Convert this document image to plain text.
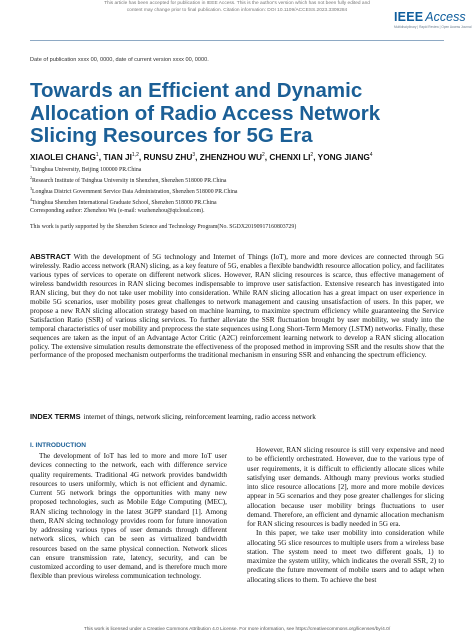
This article has been accepted for publication in IEEE Access. This is the author's version which has not been fully edited and
content may change prior to final publication. Citation information: DOI 10.1109/ACCESS.2023.3309284	IEEE Access
Multidisciplinary | Rapid Review | Open Access Journal
Date of publication xxxx 00, 0000, date of current version xxxx 00, 0000.
Towards an Efficient and Dynamic Allocation of Radio Access Network Slicing Resources for 5G Era
XIAOLEI CHANG$^1$, TIAN JI$^{1,2}$, RUNSU ZHU$^3$, ZHENZHOU $WU^2$, CHENXI $LI^2$, YONG JIANG$^4$
$^1$Tsinghua University, Beijing 100000 PR.China
$^2$Research Institute of Tsinghua University in Shenzhen, Shenzhen 518000 PR.China
$^3$Longhua District Government Service Data Administration, Shenzhen 518000 PR.China
$^4$Tsinghua Shenzhen International Graduate School, Shenzhen 518000 PR.China
Corresponding author: Zhenzhou Wu (e-mail: wuzhenzhou@qtcloud.com).
This work is partly supported by the Shenzhen Science and Technology Program(No. SGDX20190917160803729)
ABSTRACT With the development of 5G technology and Internet of Things (IoT), more and more devices are connected through 5G wirelessly. Radio access network (RAN) slicing, as a key feature of 5G, enables a flexible bandwidth resource allocation policy, and facilitates various types of services to operate on different network slices. However, RAN slicing resources is scarce, thus effective management of wireless bandwidth resources in RAN slicing becomes indispensable to improve user satisfaction. Extensive research has investigated into RAN slicing, but they do not take user mobility into consideration. While RAN slicing allocation has a great impact on user experience in mobile 5G scenarios, user mobility poses great challenges to network management and causing unsatisfaction of users. In this paper, we propose a new RAN slicing allocation strategy based on machine learning, to maximize spectrum efficiency while guaranteeing the Service Satisfaction Ratio (SSR) of various slicing services. To further alleviate the SSR fluctuation brought by user mobility, we study into the temporal characteristics of user mobility and preprocess the state sequences using Long Short-Term Memory (LSTM) networks. Finally, these sequences are taken as the input of an Advantage Actor Critic (A2C) reinforcement learning network to develop a RAN slicing allocation policy. The extensive simulation results demonstrate the effectiveness of the proposed method in improving SSR and the results show that the performance of the proposed mechanism outperforms the traditional mechanism in ensuring SSR and enhancing the spectrum efficiency.
INDEX TERMS internet of things, network slicing, reinforcement learning, radio access network
I. INTRODUCTION

The development of IoT has led to more and more IoT user devices connecting to the network, each with difference service quality requirements. Traditional 4G network provides bandwidth resources to users uniformly, which is not efficient and dynamic. Current 5G network brings the opportunities with many new proposed technologies, such as Mobile Edge Computing (MEC), RAN slicing technology in the latest 3GPP standard [1]. Among them, RAN slcing technology provides room for future innovation by addressing various types of user demands through different network slices, which can be seen as virtualized bandwidth resources based on the same physical connection. Network slices can ensure transmission rate, latency, security, and can be customized according to user demand, and is therefore much more flexible than previous wireless communication technology.

However, RAN slicing resource is still very expensive and need to be efficiently orchestrated. However, due to the various type of user requirements, it is difficult to efficiently allocate slices while satisfying user demands. Although many previous works studied into slice resource allocations [2], more and more mobile devices appear in 5G scenarios and they pose greater challenges for slicing allocation because user mobility brings fluctuations to user demand. Therefore, an efficient and dynamic allocation mechanism for RAN slicing resources is badly needed in 5G era.

In this paper, we take user mobility into consideration while allocating 5G slice resources to multiple users from a wireless base station. The system need to meet two different goals, 1) to maximize the system utility, which indicates the overall SSR, 2) to predicate the future movement of mobile users and to adapt when allocating slices to them. To achieve the best

This work is licensed under a Creative Commons Attribution 4.0 License. For more information, see https://creativecommons.org/licenses/by/4.0/
